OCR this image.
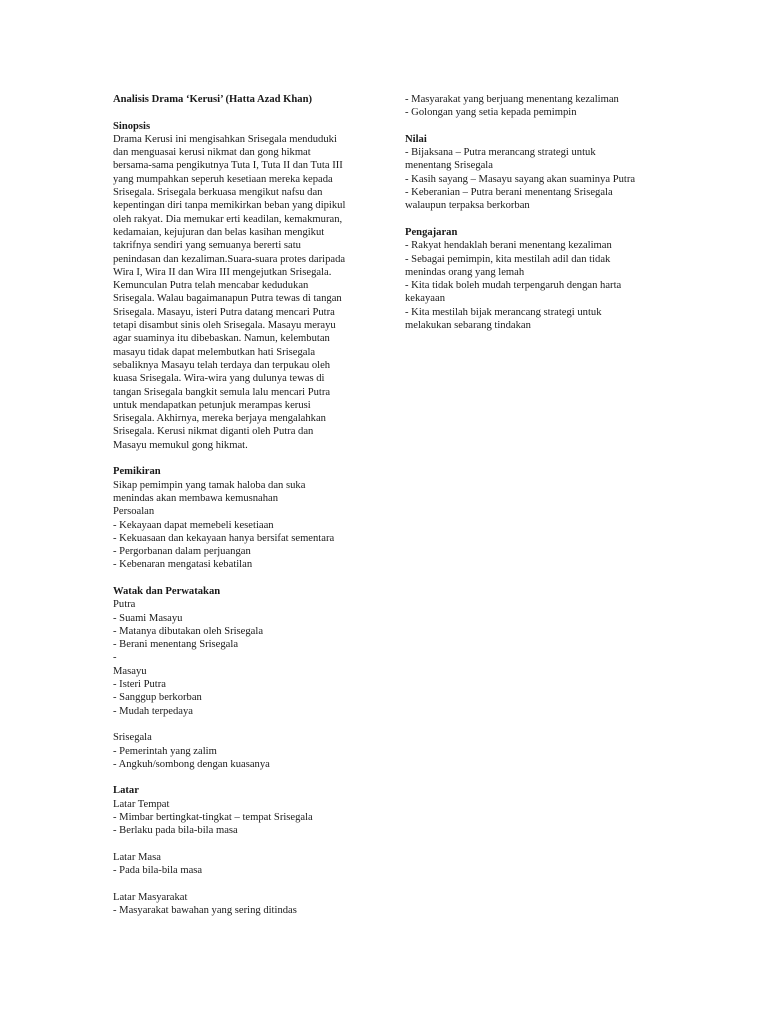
Analisis Drama ‘Kerusi’ (Hatta Azad Khan)
Sinopsis
Drama Kerusi ini mengisahkan Srisegala menduduki
dan menguasai kerusi nikmat dan gong hikmat
bersama-sama pengikutnya Tuta I, Tuta II dan Tuta III
yang mumpahkan seperuh kesetiaan mereka kepada
Srisegala. Srisegala berkuasa mengikut nafsu dan
kepentingan diri tanpa memikirkan beban yang dipikul
oleh rakyat. Dia memukar erti keadilan, kemakmuran,
kedamaian, kejujuran dan belas kasihan mengikut
takrifnya sendiri yang semuanya bererti satu
penindasan dan kezaliman.Suara-suara protes daripada
Wira I, Wira II dan Wira III mengejutkan Srisegala.
Kemunculan Putra telah mencabar kedudukan
Srisegala. Walau bagaimanapun Putra tewas di tangan
Srisegala. Masayu, isteri Putra datang mencari Putra
tetapi disambut sinis oleh Srisegala. Masayu merayu
agar suaminya itu dibebaskan. Namun, kelembutan
masayu tidak dapat melembutkan hati Srisegala
sebaliknya Masayu telah terdaya dan terpukau oleh
kuasa Srisegala. Wira-wira yang dulunya tewas di
tangan Srisegala bangkit semula lalu mencari Putra
untuk mendapatkan petunjuk merampas kerusi
Srisegala. Akhirnya, mereka berjaya mengalahkan
Srisegala. Kerusi nikmat diganti oleh Putra dan
Masayu memukul gong hikmat.
Pemikiran
Sikap pemimpin yang tamak haloba dan suka
menindas akan membawa kemusnahan
Persoalan
- Kekayaan dapat memebeli kesetiaan
- Kekuasaan dan kekayaan hanya bersifat sementara
- Pergorbanan dalam perjuangan
- Kebenaran mengatasi kebatilan
Watak dan Perwatakan
Putra
- Suami Masayu
- Matanya dibutakan oleh Srisegala
- Berani menentang Srisegala
-
Masayu
- Isteri Putra
- Sanggup berkorban
- Mudah terpedaya
Srisegala
- Pemerintah yang zalim
- Angkuh/sombong dengan kuasanya
Latar
Latar Tempat
- Mimbar bertingkat-tingkat – tempat Srisegala
- Berlaku pada bila-bila masa
Latar Masa
- Pada bila-bila masa
Latar Masyarakat
- Masyarakat bawahan yang sering ditindas
- Masyarakat yang berjuang menentang kezaliman
- Golongan yang setia kepada pemimpin
Nilai
- Bijaksana – Putra merancang strategi untuk
menentang Srisegala
- Kasih sayang – Masayu sayang akan suaminya Putra
- Keberanian – Putra berani menentang Srisegala
walaupun terpaksa berkorban
Pengajaran
- Rakyat hendaklah berani menentang kezaliman
- Sebagai pemimpin, kita mestilah adil dan tidak
menindas orang yang lemah
- Kita tidak boleh mudah terpengaruh dengan harta
kekayaan
- Kita mestilah bijak merancang strategi untuk
melakukan sebarang tindakan
